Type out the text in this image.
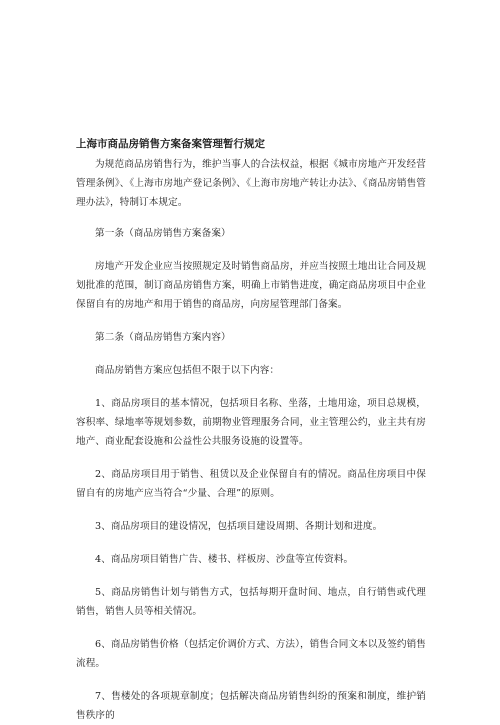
上海市商品房销售方案备案管理暂行规定

为规范商品房销售行为，维护当事人的合法权益，根据《城市房地产开发经营管理条例》、《上海市房地产登记条例》、《上海市房地产转让办法》、《商品房销售管理办法》，特制订本规定。

第一条（商品房销售方案备案）

房地产开发企业应当按照规定及时销售商品房，并应当按照土地出让合同及规划批准的范围，制订商品房销售方案，明确上市销售进度，确定商品房项目中企业保留自有的房地产和用于销售的商品房，向房屋管理部门备案。

第二条（商品房销售方案内容）

商品房销售方案应包括但不限于以下内容：

1、商品房项目的基本情况，包括项目名称、坐落，土地用途，项目总规模，容积率、绿地率等规划参数，前期物业管理服务合同，业主管理公约，业主共有房地产、商业配套设施和公益性公共服务设施的设置等。

2、商品房项目用于销售、租赁以及企业保留自有的情况。商品住房项目中保留自有的房地产应当符合“少量、合理”的原则。

3、商品房项目的建设情况，包括项目建设周期、各期计划和进度。

4、商品房项目销售广告、楼书、样板房、沙盘等宣传资料。

5、商品房销售计划与销售方式，包括每期开盘时间、地点，自行销售或代理销售，销售人员等相关情况。

6、商品房销售价格（包括定价调价方式、方法），销售合同文本以及签约销售流程。

7、售楼处的各项规章制度；包括解决商品房销售纠纷的预案和制度，维护销售秩序的
